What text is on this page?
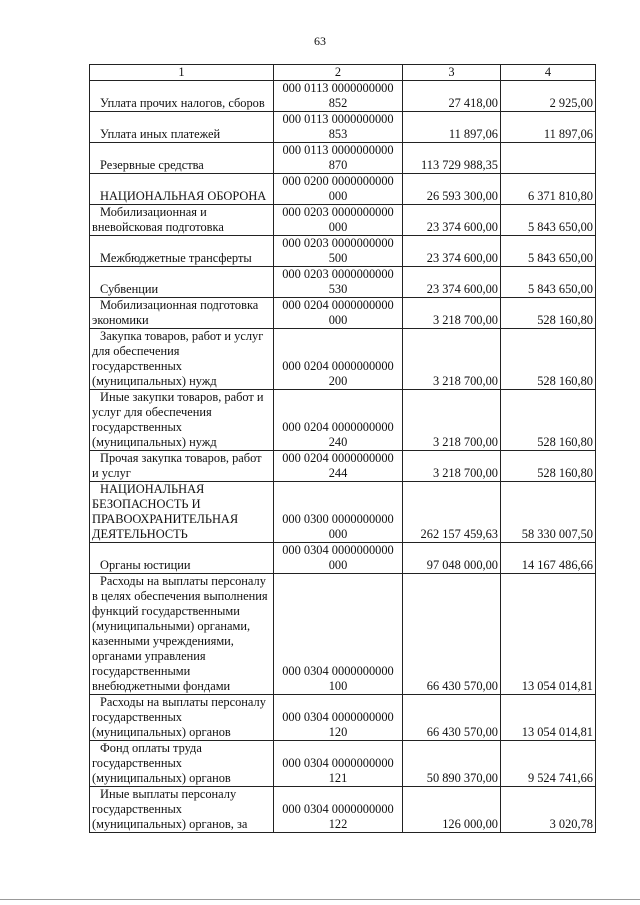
63
1	2	3	4
Уплата прочих налогов, сборов	000 0113 0000000000 852	27 418,00	2 925,00
Уплата иных платежей	000 0113 0000000000 853	11 897,06	11 897,06
Резервные средства	000 0113 0000000000 870	113 729 988,35	
НАЦИОНАЛЬНАЯ ОБОРОНА	000 0200 0000000000 000	26 593 300,00	6 371 810,80
Мобилизационная и вневойсковая подготовка	000 0203 0000000000 000	23 374 600,00	5 843 650,00
Межбюджетные трансферты	000 0203 0000000000 500	23 374 600,00	5 843 650,00
Субвенции	000 0203 0000000000 530	23 374 600,00	5 843 650,00
Мобилизационная подготовка экономики	000 0204 0000000000 000	3 218 700,00	528 160,80
Закупка товаров, работ и услуг для обеспечения государственных (муниципальных) нужд	000 0204 0000000000 200	3 218 700,00	528 160,80
Иные закупки товаров, работ и услуг для обеспечения государственных (муниципальных) нужд	000 0204 0000000000 240	3 218 700,00	528 160,80
Прочая закупка товаров, работ и услуг	000 0204 0000000000 244	3 218 700,00	528 160,80
НАЦИОНАЛЬНАЯ БЕЗОПАСНОСТЬ И ПРАВООХРАНИТЕЛЬНАЯ ДЕЯТЕЛЬНОСТЬ	000 0300 0000000000 000	262 157 459,63	58 330 007,50
Органы юстиции	000 0304 0000000000 000	97 048 000,00	14 167 486,66
Расходы на выплаты персоналу в целях обеспечения выполнения функций государственными (муниципальными) органами, казенными учреждениями, органами управления государственными внебюджетными фондами	000 0304 0000000000 100	66 430 570,00	13 054 014,81
Расходы на выплаты персоналу государственных (муниципальных) органов	000 0304 0000000000 120	66 430 570,00	13 054 014,81
Фонд оплаты труда государственных (муниципальных) органов	000 0304 0000000000 121	50 890 370,00	9 524 741,66
Иные выплаты персоналу государственных (муниципальных) органов, за	000 0304 0000000000 122	126 000,00	3 020,78
